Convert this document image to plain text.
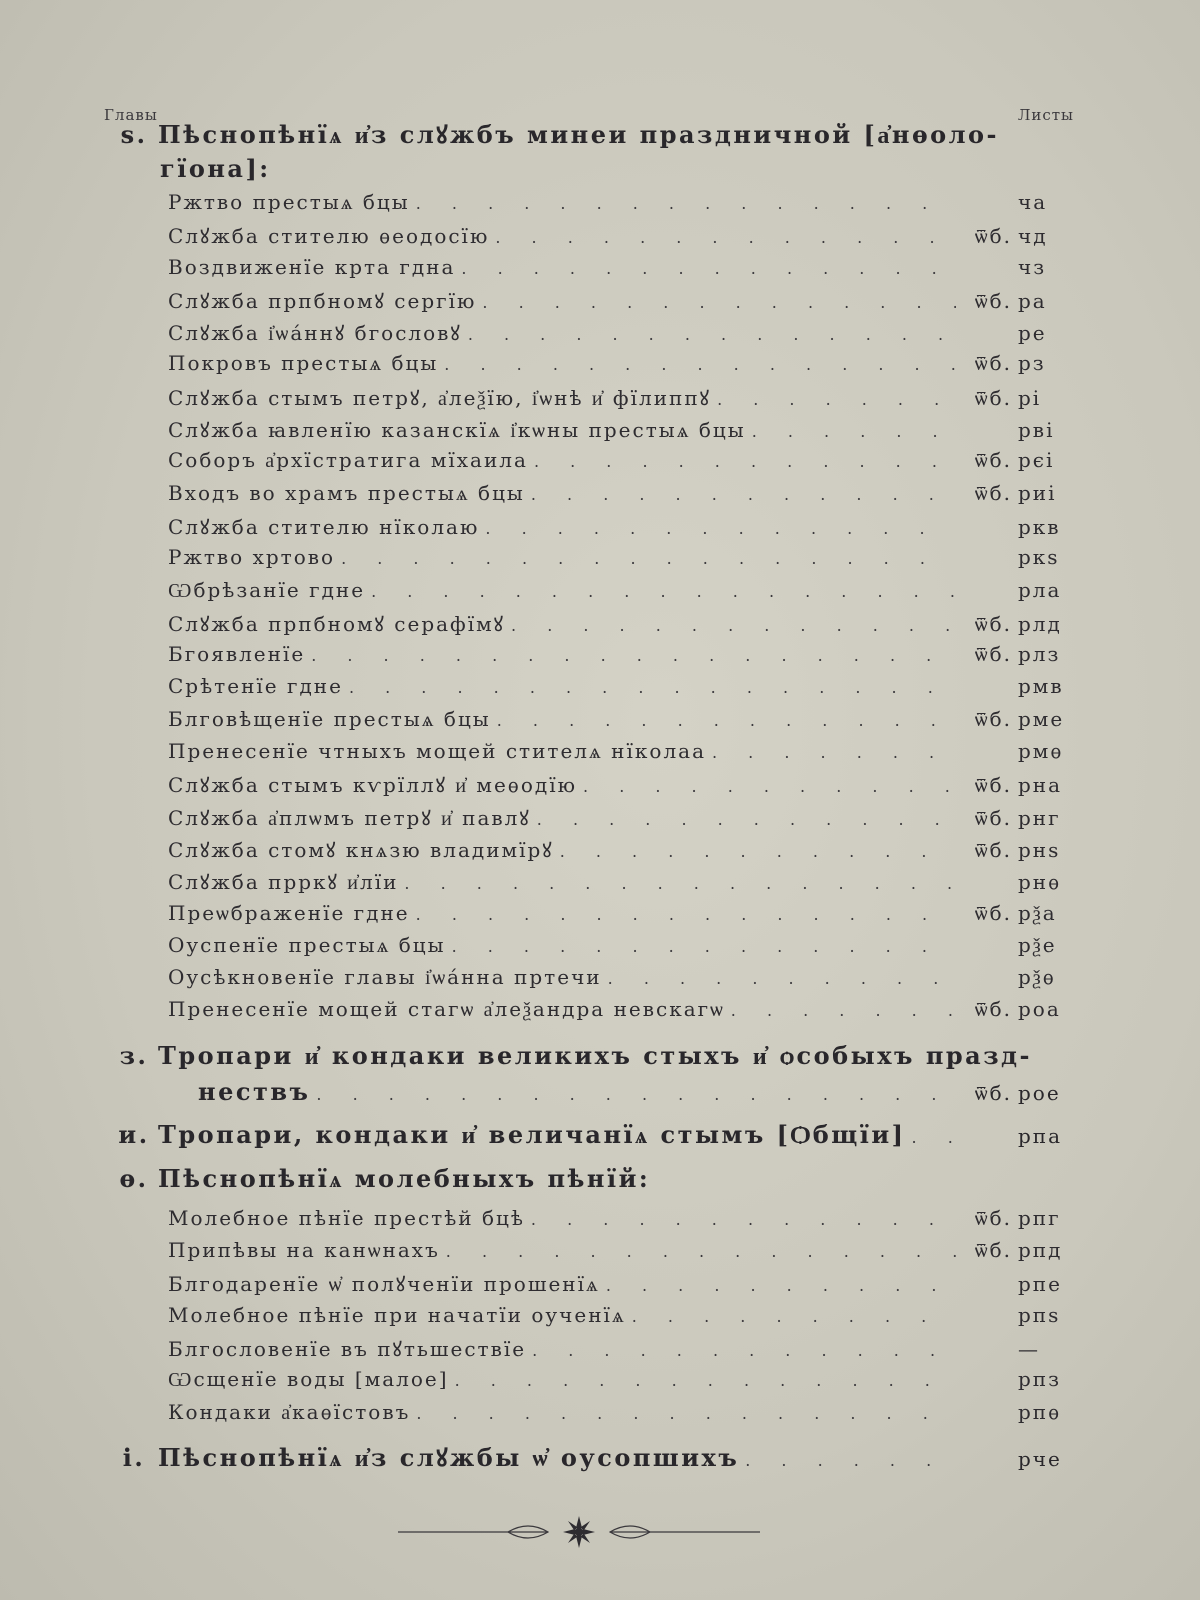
Главы	Листы
ѕ. Пѣснопѣнїѧ и҆з слꙋжбъ минеи праздничной [а҆нѳоло-
гїона]:
Ржтво престыѧ бцы . . .	ча
Слꙋжба стителю ѳеодосїю . . .	ѿб. чд
Воздвиженїе крта гдна . . .	чз
Слꙋжба прпбномꙋ сергїю . . .	ѿб. ра
Слꙋжба і҆ѡа́ннꙋ бгословꙋ . . .	ре
Покровъ престыѧ бцы . . .	ѿб. рз
Слꙋжба стымъ петрꙋ, а҆леѯїю, і҆ѡнѣ и҆ фїлиппꙋ . . .	ѿб. рі
Слꙋжба ꙗвленїю казанскїѧ і҆кѡны престыѧ бцы . . .	рві
Соборъ а҆рхїстратига мїхаила . . .	ѿб. рєі
Входъ во храмъ престыѧ бцы . . .	ѿб. риі
Слꙋжба стителю нїколаю . . .	ркв
Ржтво хртово . . .	ркѕ
Ѡбрѣзанїе гдне . . .	рла
Слꙋжба прпбномꙋ серафїмꙋ . . .	ѿб. рлд
Бгоявленїе . . .	ѿб. рлз
Срѣтенїе гдне . . .	рмв
Блговѣщенїе престыѧ бцы . . .	ѿб. рме
Пренесенїе чтныхъ мощей стителѧ нїколаа . . .	рмѳ
Слꙋжба стымъ кѵрїллꙋ и҆ меѳодїю . . .	ѿб. рна
Слꙋжба а҆плѡмъ петрꙋ и҆ павлꙋ . . .	ѿб. рнг
Слꙋжба стомꙋ кнѧзю владимїрꙋ . . .	ѿб. рнѕ
Слꙋжба прркꙋ и҆лїи . . .	рнѳ
Преѡбраженїе гдне . . .	ѿб. рѯа
Оуспенїе престыѧ бцы . . .	рѯе
Оусѣкновенїе главы і҆ѡа́нна пртечи . . .	рѯѳ
Пренесенїе мощей стагѡ а҆леѯандра невскагѡ . . .	ѿб. роа
з. Тропари и҆ кондаки великихъ стыхъ и҆ ѻсобыхъ празд-
нествъ . . .	ѿб. рое
и. Тропари, кондаки и҆ величанїѧ стымъ [Ѻбщїи] . . .	рпа
ѳ. Пѣснопѣнїѧ молебныхъ пѣнїй:
Молебное пѣнїе престѣй бцѣ . . .	ѿб. рпг
Припѣвы на канѡнахъ . . .	ѿб. рпд
Блгодаренїе ѡ҆ полꙋченїи прошенїѧ . . .	рпе
Молебное пѣнїе при начатїи оученїѧ . . .	рпѕ
Блгословенїе въ пꙋтьшествїе . . .	—
Ѡсщенїе воды [малое] . . .	рпз
Кондаки а҆каѳїстовъ . . .	рпѳ
і. Пѣснопѣнїѧ и҆з слꙋжбы ѡ҆ оусопшихъ . . .	рче
